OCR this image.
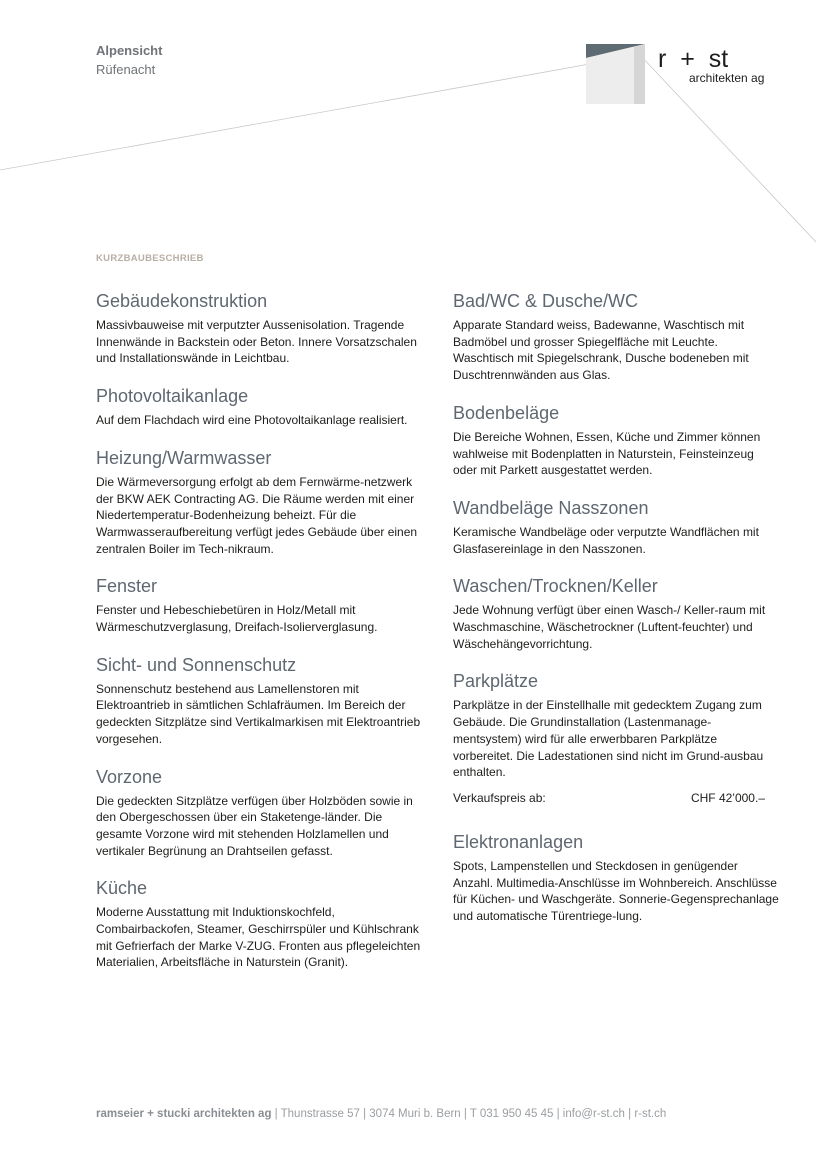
Alpensicht
Rüfenacht	r  +  st
architekten ag
KURZBAUBESCHRIEB
Gebäudekonstruktion

Massivbauweise mit verputzter Aussenisolation. Tragende Innenwände in Backstein oder Beton. Innere Vorsatzschalen und Installationswände in Leichtbau.

Photovoltaikanlage

Auf dem Flachdach wird eine Photovoltaikanlage realisiert.

Heizung/Warmwasser

Die Wärmeversorgung erfolgt ab dem Fernwärme-netzwerk der BKW AEK Contracting AG. Die Räume werden mit einer Niedertemperatur-Bodenheizung beheizt. Für die Warmwasseraufbereitung verfügt jedes Gebäude über einen zentralen Boiler im Tech-nikraum.

Fenster

Fenster und Hebeschiebetüren in Holz/Metall mit Wärmeschutzverglasung, Dreifach-Isolierverglasung.

Sicht- und Sonnenschutz

Sonnenschutz bestehend aus Lamellenstoren mit Elektroantrieb in sämtlichen Schlafräumen. Im Bereich der gedeckten Sitzplätze sind Vertikalmarkisen mit Elektroantrieb vorgesehen.

Vorzone

Die gedeckten Sitzplätze verfügen über Holzböden sowie in den Obergeschossen über ein Staketenge-länder. Die gesamte Vorzone wird mit stehenden Holzlamellen und vertikaler Begrünung an Drahtseilen gefasst.

Küche

Moderne Ausstattung mit Induktionskochfeld, Combairbackofen, Steamer, Geschirrspüler und Kühlschrank mit Gefrierfach der Marke V-ZUG. Fronten aus pflegeleichten Materialien, Arbeitsfläche in Naturstein (Granit).

Bad/WC & Dusche/WC

Apparate Standard weiss, Badewanne, Waschtisch mit Badmöbel und grosser Spiegelfläche mit Leuchte. Waschtisch mit Spiegelschrank, Dusche bodeneben mit Duschtrennwänden aus Glas.

Bodenbeläge

Die Bereiche Wohnen, Essen, Küche und Zimmer können wahlweise mit Bodenplatten in Naturstein, Feinsteinzeug oder mit Parkett ausgestattet werden.

Wandbeläge Nasszonen

Keramische Wandbeläge oder verputzte Wandflächen mit Glasfasereinlage in den Nasszonen.

Waschen/Trocknen/Keller

Jede Wohnung verfügt über einen Wasch-/ Keller-raum mit Waschmaschine, Wäschetrockner (Luftent-feuchter) und Wäschehängevorrichtung.

Parkplätze

Parkplätze in der Einstellhalle mit gedecktem Zugang zum Gebäude. Die Grundinstallation (Lastenmanage-mentsystem) wird für alle erwerbbaren Parkplätze vorbereitet. Die Ladestationen sind nicht im Grund-ausbau enthalten.

Verkaufspreis ab:	CHF 42’000.–
Elektronanlagen

Spots, Lampenstellen und Steckdosen in genügender Anzahl. Multimedia-Anschlüsse im Wohnbereich. Anschlüsse für Küchen- und Waschgeräte. Sonnerie-Gegensprechanlage und automatische Türentriege-lung.

ramseier + stucki architekten ag | Thunstrasse 57 | 3074 Muri b. Bern | T 031 950 45 45 | info@r-st.ch | r-st.ch
